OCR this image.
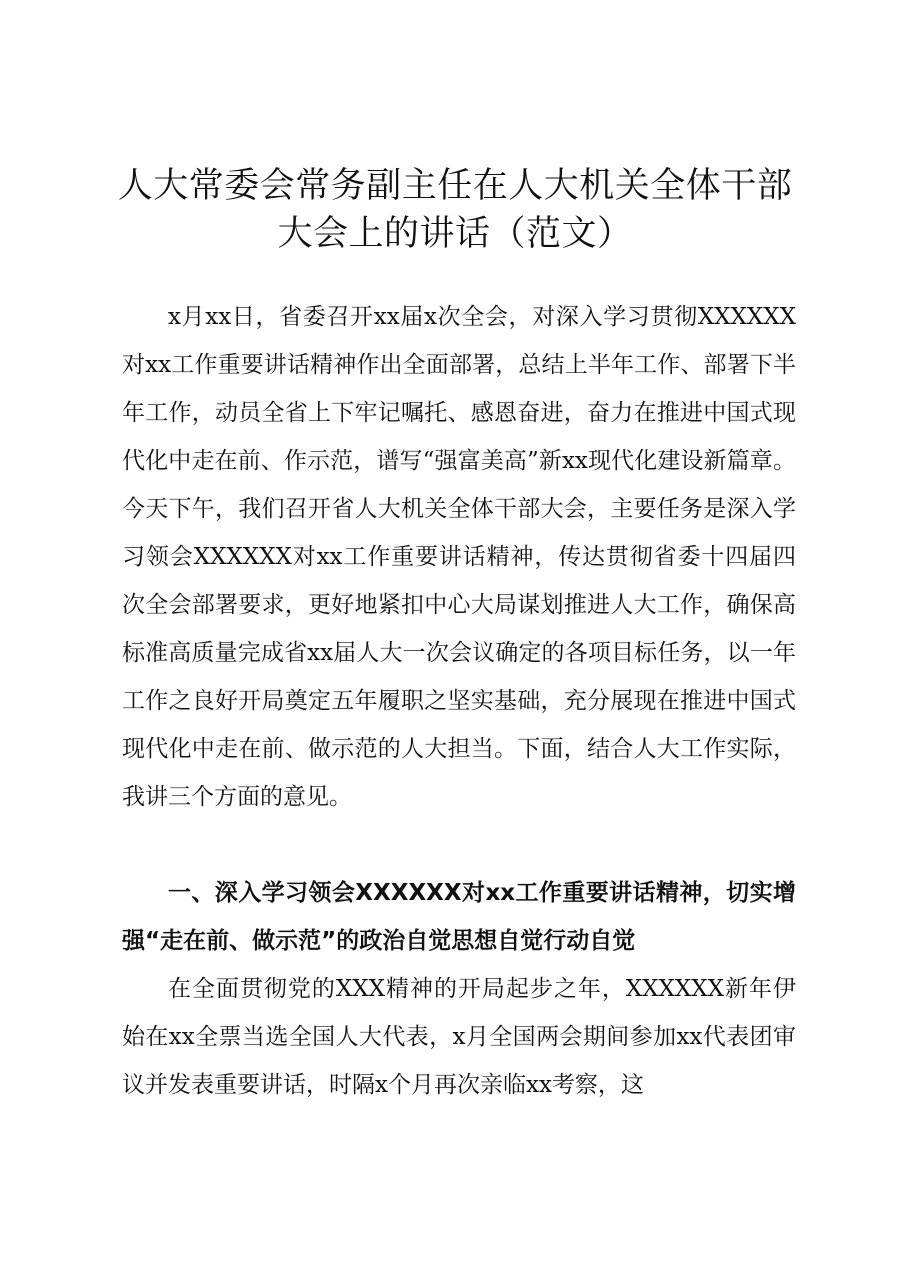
人大常委会常务副主任在人大机关全体干部大会上的讲话（范文）

x月xx日，省委召开xx届x次全会，对深入学习贯彻XXXXXX对xx工作重要讲话精神作出全面部署，总结上半年工作、部署下半年工作，动员全省上下牢记嘱托、感恩奋进，奋力在推进中国式现代化中走在前、作示范，谱写“强富美高”新xx现代化建设新篇章。今天下午，我们召开省人大机关全体干部大会，主要任务是深入学习领会XXXXXX对xx工作重要讲话精神，传达贯彻省委十四届四次全会部署要求，更好地紧扣中心大局谋划推进人大工作，确保高标准高质量完成省xx届人大一次会议确定的各项目标任务，以一年工作之良好开局奠定五年履职之坚实基础，充分展现在推进中国式现代化中走在前、做示范的人大担当。下面，结合人大工作实际，我讲三个方面的意见。

一、深入学习领会XXXXXX对xx工作重要讲话精神，切实增强“走在前、做示范”的政治自觉思想自觉行动自觉

在全面贯彻党的XXX精神的开局起步之年，XXXXXX新年伊始在xx全票当选全国人大代表，x月全国两会期间参加xx代表团审议并发表重要讲话，时隔x个月再次亲临xx考察，这
